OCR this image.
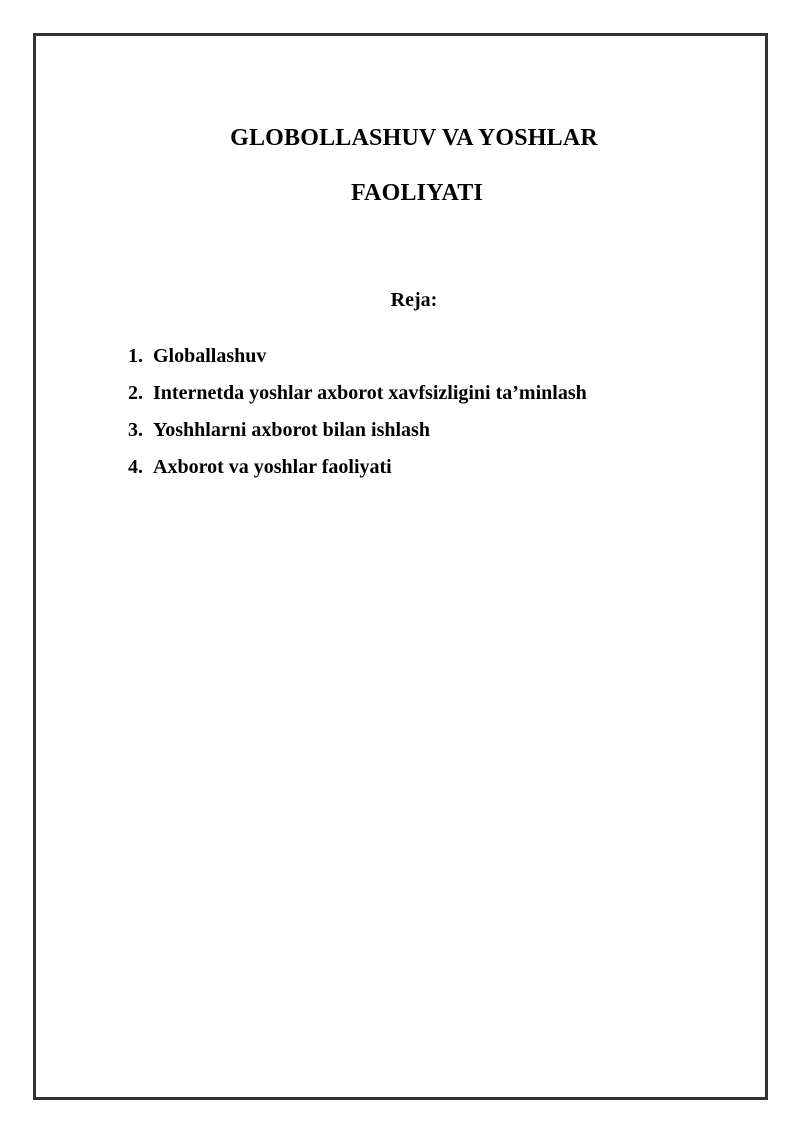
GLOBOLLASHUV VA YOSHLAR
FAOLIYATI
Reja:
1. Globallashuv
2. Internetda yoshlar axborot xavfsizligini ta’minlash
3. Yoshhlarni axborot bilan ishlash
4. Axborot va yoshlar faoliyati
